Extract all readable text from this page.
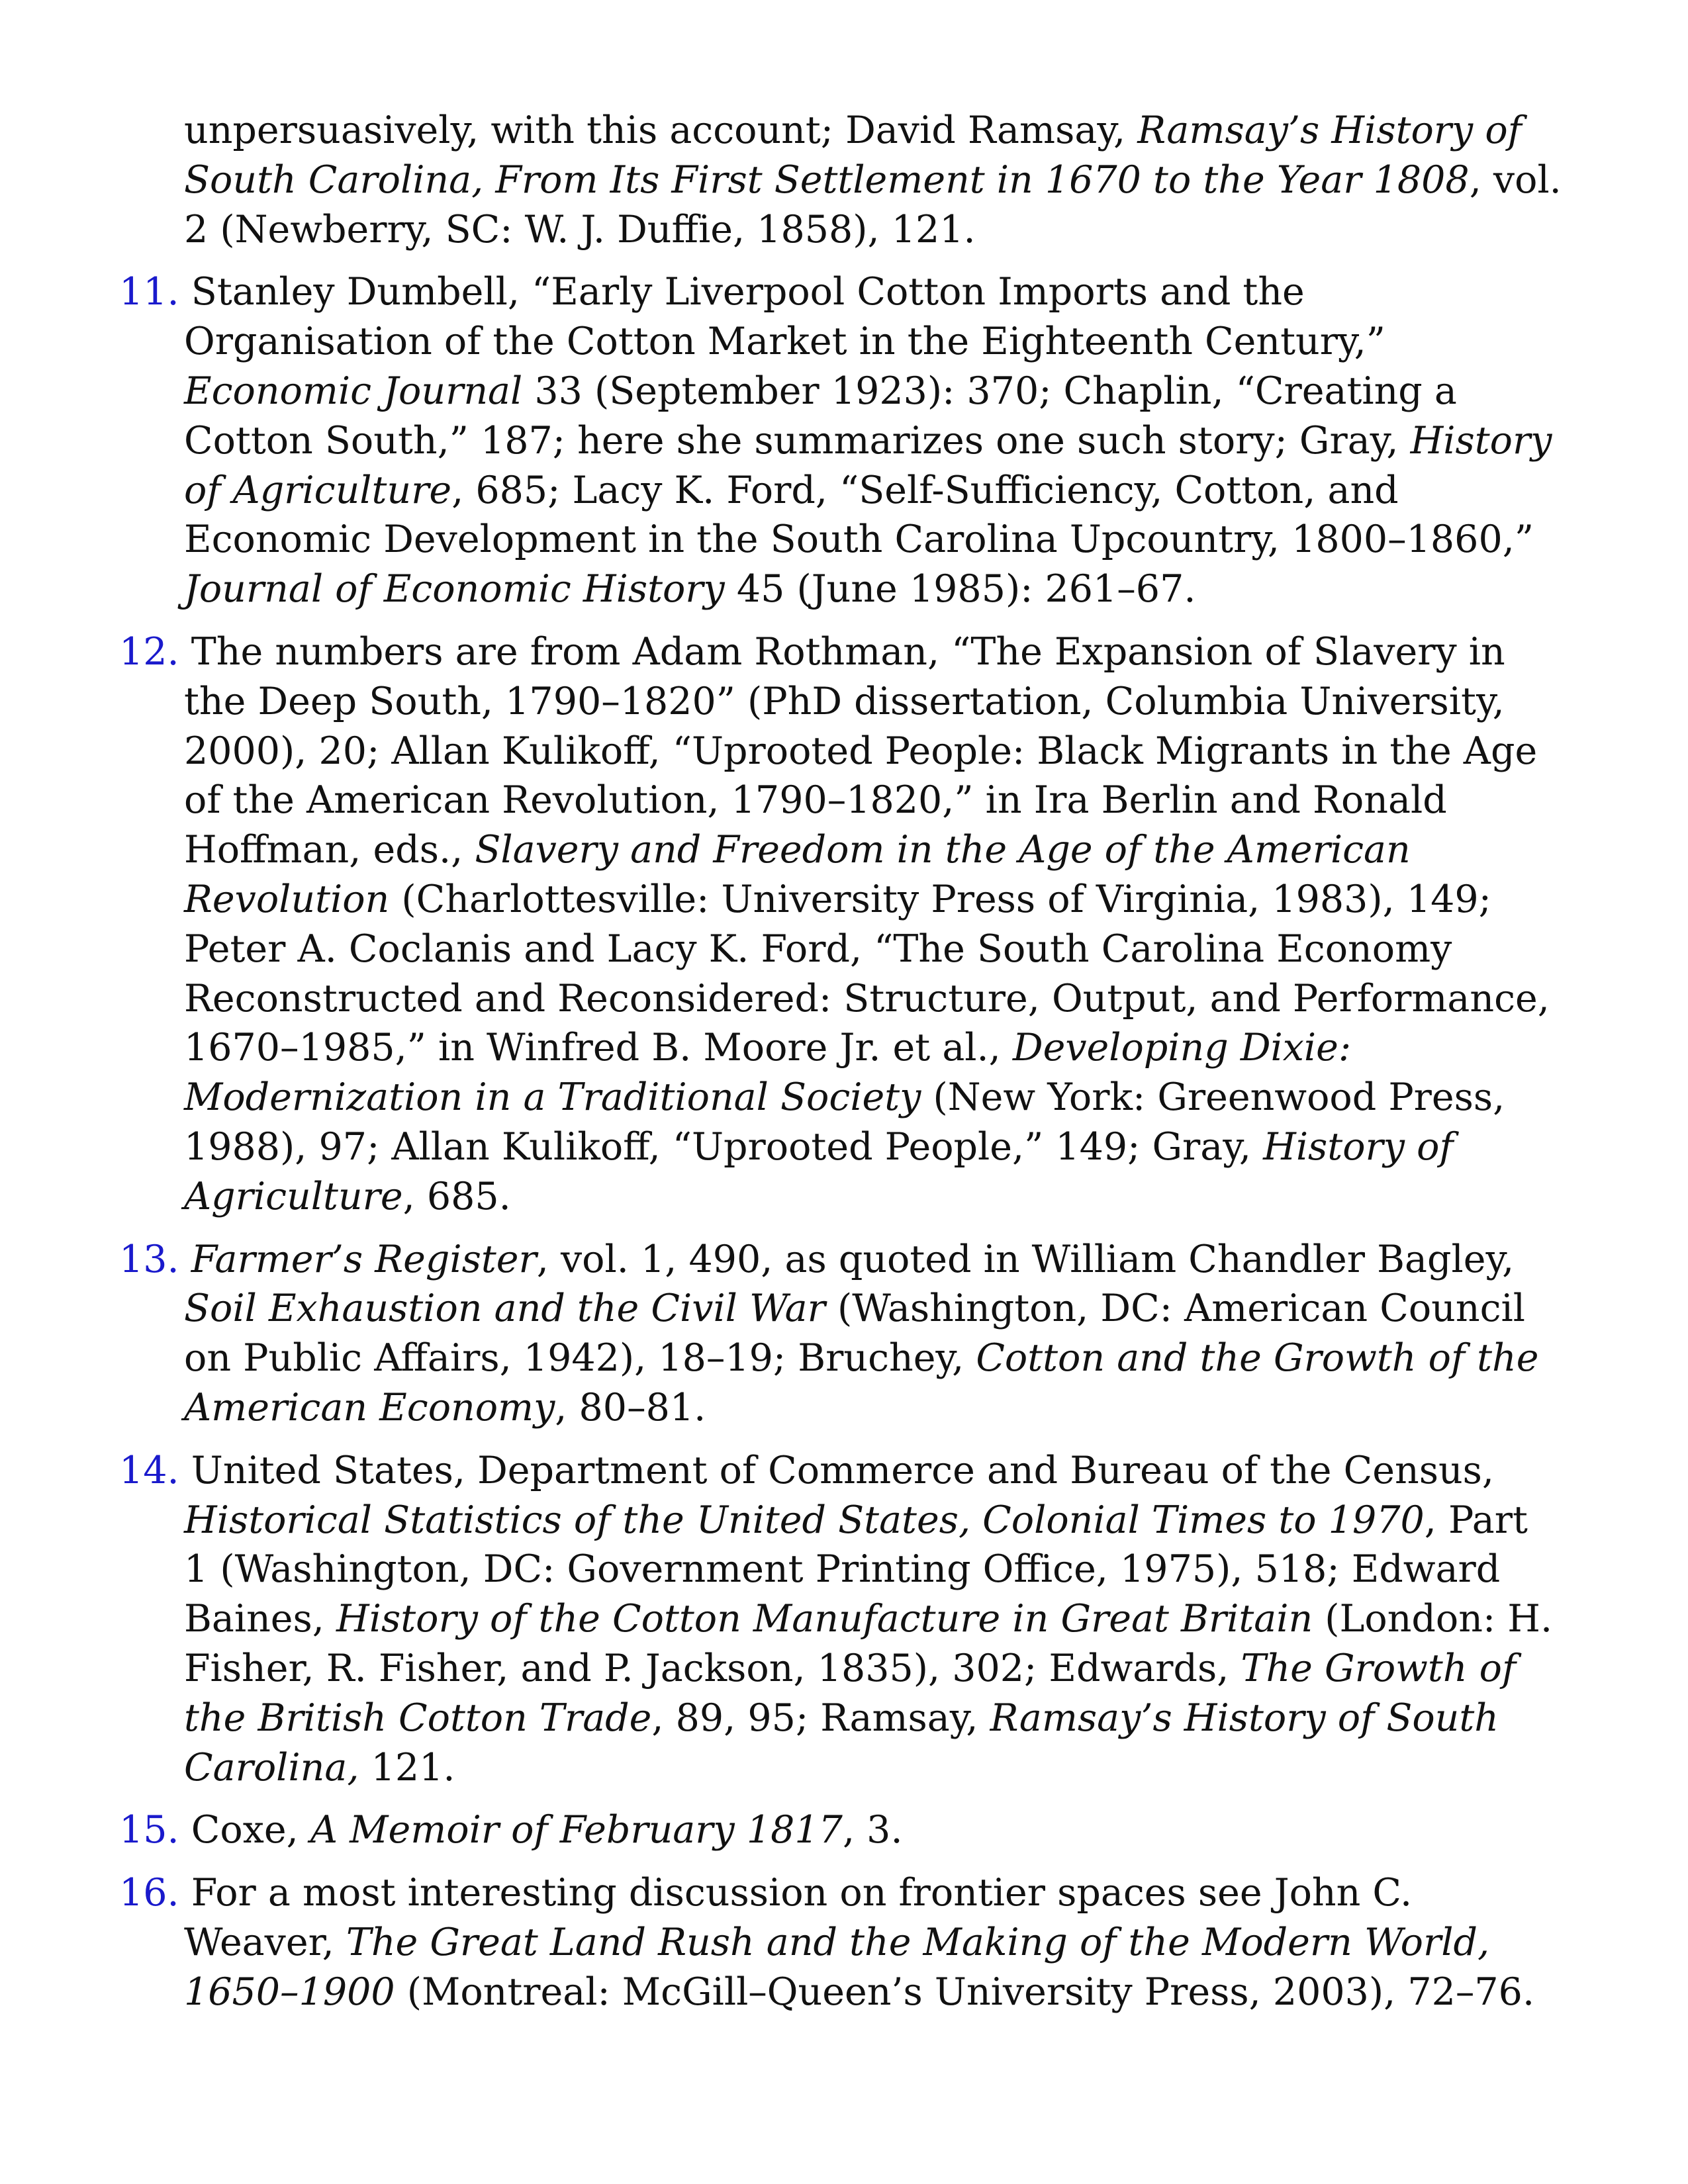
unpersuasively, with this account; David Ramsay, Ramsay’s History of South Carolina, From Its First Settlement in 1670 to the Year 1808, vol. 2 (Newberry, SC: W. J. Duffie, 1858), 121.

11. Stanley Dumbell, “Early Liverpool Cotton Imports and the Organisation of the Cotton Market in the Eighteenth Century,” Economic Journal 33 (September 1923): 370; Chaplin, “Creating a Cotton South,” 187; here she summarizes one such story; Gray, History of Agriculture, 685; Lacy K. Ford, “Self-Sufficiency, Cotton, and Economic Development in the South Carolina Upcountry, 1800–1860,” Journal of Economic History 45 (June 1985): 261–67.

12. The numbers are from Adam Rothman, “The Expansion of Slavery in the Deep South, 1790–1820” (PhD dissertation, Columbia University, 2000), 20; Allan Kulikoff, “Uprooted People: Black Migrants in the Age of the American Revolution, 1790–1820,” in Ira Berlin and Ronald Hoffman, eds., Slavery and Freedom in the Age of the American Revolution (Charlottesville: University Press of Virginia, 1983), 149; Peter A. Coclanis and Lacy K. Ford, “The South Carolina Economy Reconstructed and Reconsidered: Structure, Output, and Performance, 1670–1985,” in Winfred B. Moore Jr. et al., Developing Dixie: Modernization in a Traditional Society (New York: Greenwood Press, 1988), 97; Allan Kulikoff, “Uprooted People,” 149; Gray, History of Agriculture, 685.

13. Farmer’s Register, vol. 1, 490, as quoted in William Chandler Bagley, Soil Exhaustion and the Civil War (Washington, DC: American Council on Public Affairs, 1942), 18–19; Bruchey, Cotton and the Growth of the American Economy, 80–81.

14. United States, Department of Commerce and Bureau of the Census, Historical Statistics of the United States, Colonial Times to 1970, Part 1 (Washington, DC: Government Printing Office, 1975), 518; Edward Baines, History of the Cotton Manufacture in Great Britain (London: H. Fisher, R. Fisher, and P. Jackson, 1835), 302; Edwards, The Growth of the British Cotton Trade, 89, 95; Ramsay, Ramsay’s History of South Carolina, 121.

15. Coxe, A Memoir of February 1817, 3.

16. For a most interesting discussion on frontier spaces see John C. Weaver, The Great Land Rush and the Making of the Modern World, 1650–1900 (Montreal: McGill–Queen’s University Press, 2003), 72–76.
